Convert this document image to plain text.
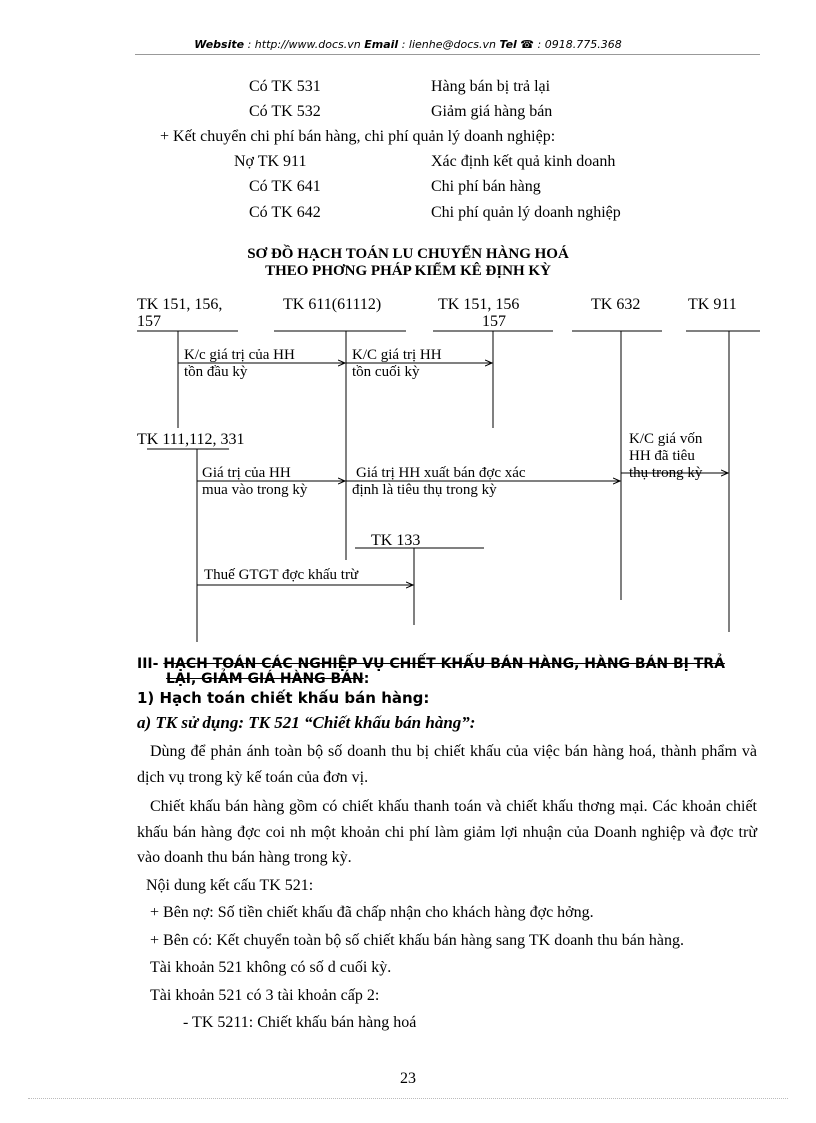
Website : http://www.docs.vn Email : lienhe@docs.vn Tel ☎ : 0918.775.368
Có TK 531	Hàng bán bị trả lại
Có TK 532	Giảm giá hàng bán
+ Kết chuyển chi phí bán hàng, chi phí quản lý doanh nghiệp:
Nợ TK 911	Xác định kết quả kinh doanh
Có TK 641	Chi phí bán hàng
Có TK 642	Chi phí quản lý doanh nghiệp
SƠ ĐỒ HẠCH TOÁN LU CHUYỂN HÀNG HOÁ
THEO PHƠNG PHÁP KIỂM KÊ ĐỊNH KỲ
TK 151, 156,
157
TK 611(61112)	TK 151, 156
157
TK 632	TK 911
K/c giá trị của HH
tồn đầu kỳ
K/C giá trị HH
tồn cuối kỳ
TK 111,112, 331	K/C giá vốn
HH đã tiêu
thụ trong kỳ
Giá trị của HH
mua vào trong kỳ
Giá trị HH xuất bán đợc xác
định là tiêu thụ trong kỳ
TK 133
Thuế GTGT đợc khấu trừ
III- HẠCH TOÁN CÁC NGHIỆP VỤ CHIẾT KHẤU BÁN HÀNG, HÀNG BÁN BỊ TRẢ
LẠI, GIẢM GIÁ HÀNG BÁN:
1) Hạch toán chiết khấu bán hàng:
a) TK sử dụng: TK 521 “Chiết khấu bán hàng”:

Dùng để phản ánh toàn bộ số doanh thu bị chiết khấu của việc bán hàng hoá, thành phẩm và dịch vụ trong kỳ kế toán của đơn vị.

Chiết khấu bán hàng gồm có chiết khấu thanh toán và chiết khấu thơng mại. Các khoản chiết khấu bán hàng đợc coi nh một khoản chi phí làm giảm lợi nhuận của Doanh nghiệp và đợc trừ vào doanh thu bán hàng trong kỳ.

Nội dung kết cấu TK 521:

+ Bên nợ: Số tiền chiết khấu đã chấp nhận cho khách hàng đợc hởng.

+ Bên có: Kết chuyển toàn bộ số chiết khấu bán hàng sang TK doanh thu bán hàng.

Tài khoản 521 không có số d cuối kỳ.

Tài khoản 521 có 3 tài khoản cấp 2:

- TK 5211: Chiết khấu bán hàng hoá

23
